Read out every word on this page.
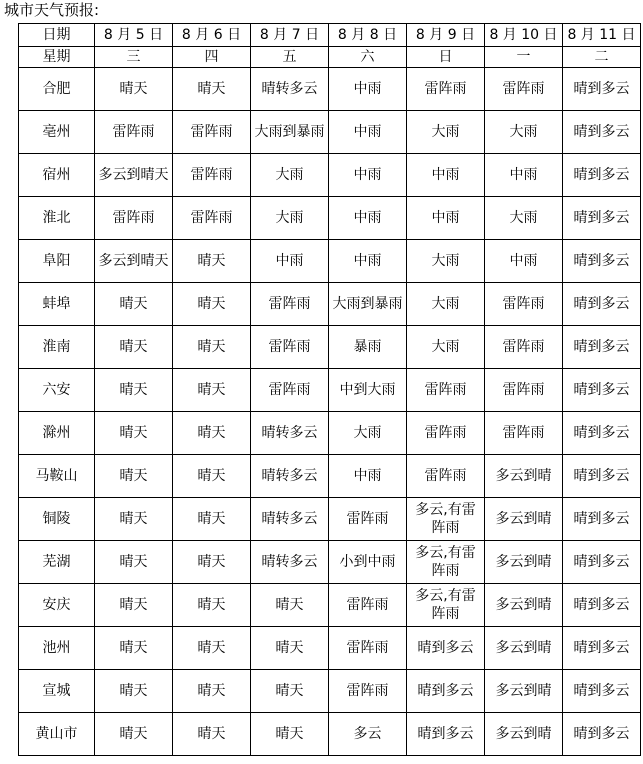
城市天气预报:
日期	8 月 5 日	8 月 6 日	8 月 7 日	8 月 8 日	8 月 9 日	8 月 10 日	8 月 11 日
星期	三	四	五	六	日	一	二
合肥	晴天	晴天	晴转多云	中雨	雷阵雨	雷阵雨	晴到多云
亳州	雷阵雨	雷阵雨	大雨到暴雨	中雨	大雨	大雨	晴到多云
宿州	多云到晴天	雷阵雨	大雨	中雨	中雨	中雨	晴到多云
淮北	雷阵雨	雷阵雨	大雨	中雨	中雨	大雨	晴到多云
阜阳	多云到晴天	晴天	中雨	中雨	大雨	中雨	晴到多云
蚌埠	晴天	晴天	雷阵雨	大雨到暴雨	大雨	雷阵雨	晴到多云
淮南	晴天	晴天	雷阵雨	暴雨	大雨	雷阵雨	晴到多云
六安	晴天	晴天	雷阵雨	中到大雨	雷阵雨	雷阵雨	晴到多云
滁州	晴天	晴天	晴转多云	大雨	雷阵雨	雷阵雨	晴到多云
马鞍山	晴天	晴天	晴转多云	中雨	雷阵雨	多云到晴	晴到多云
铜陵	晴天	晴天	晴转多云	雷阵雨	多云,有雷阵雨	多云到晴	晴到多云
芜湖	晴天	晴天	晴转多云	小到中雨	多云,有雷阵雨	多云到晴	晴到多云
安庆	晴天	晴天	晴天	雷阵雨	多云,有雷阵雨	多云到晴	晴到多云
池州	晴天	晴天	晴天	雷阵雨	晴到多云	多云到晴	晴到多云
宣城	晴天	晴天	晴天	雷阵雨	晴到多云	多云到晴	晴到多云
黄山市	晴天	晴天	晴天	多云	晴到多云	多云到晴	晴到多云
